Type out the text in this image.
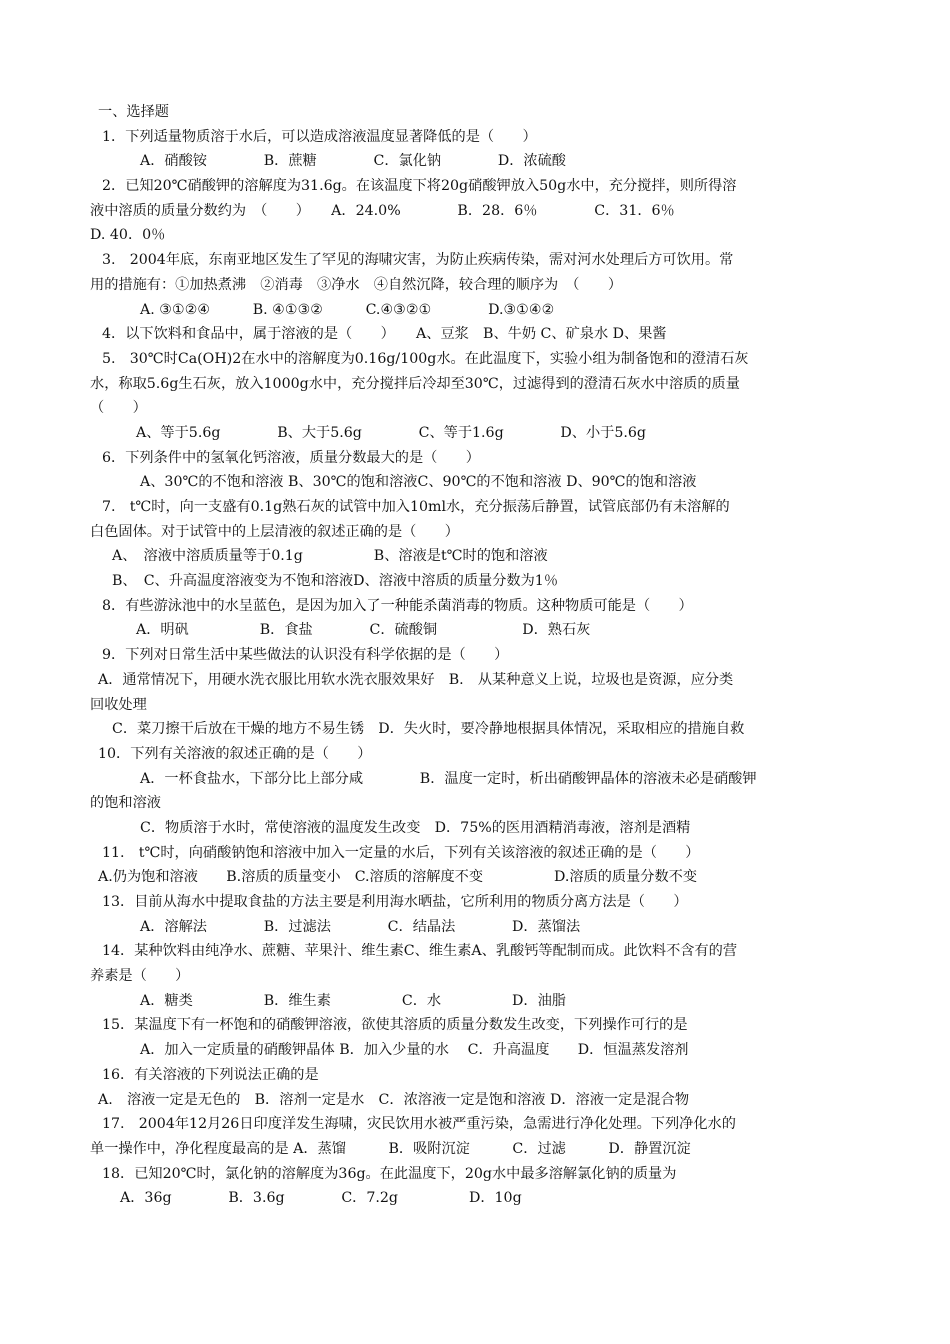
一、选择题
1．下列适量物质溶于水后，可以造成溶液温度显著降低的是（　　）
A．硝酸铵　　　　B．蔗糖　　　　C．氯化钠　　　　D．浓硫酸
2．已知20℃硝酸钾的溶解度为31.6g。在该温度下将20g硝酸钾放入50g水中，充分搅拌，则所得溶
液中溶质的质量分数约为　（　　）　　A．24.0%　　　　B．28．6％　　　　C．31．6％
D. 40．0％
3.　2004年底，东南亚地区发生了罕见的海啸灾害，为防止疾病传染，需对河水处理后方可饮用。常
用的措施有：①加热煮沸　②消毒　③净水　④自然沉降，较合理的顺序为　（　　）
A. ③①②④　　　B. ④①③②　　　C.④③②①　　　　D.③①④②
4．以下饮料和食品中，属于溶液的是（　　）　　A、豆浆　B、牛奶 C、矿泉水 D、果酱
5.　30℃时Ca(OH)2在水中的溶解度为0.16g/100g水。在此温度下，实验小组为制备饱和的澄清石灰
水，称取5.6g生石灰，放入1000g水中，充分搅拌后冷却至30℃，过滤得到的澄清石灰水中溶质的质量
（　　）
A、等于5.6g　　　　B、大于5.6g　　　　C、等于1.6g　　　　D、小于5.6g
6．下列条件中的氢氧化钙溶液，质量分数最大的是（　　）
A、30℃的不饱和溶液 B、30℃的饱和溶液C、90℃的不饱和溶液 D、90℃的饱和溶液
7.　t℃时，向一支盛有0.1g熟石灰的试管中加入10ml水，充分振荡后静置，试管底部仍有未溶解的
白色固体。对于试管中的上层清液的叙述正确的是（　　）
A、　溶液中溶质质量等于0.1g　　　　　B、溶液是t℃时的饱和溶液
B、　C、升高温度溶液变为不饱和溶液D、溶液中溶质的质量分数为1％
8．有些游泳池中的水呈蓝色，是因为加入了一种能杀菌消毒的物质。这种物质可能是（　　）
A．明矾　　　　　B．食盐　　　　C．硫酸铜　　　　　　D．熟石灰
9．下列对日常生活中某些做法的认识没有科学依据的是（　　）
A．通常情况下，用硬水洗衣服比用软水洗衣服效果好　B.　从某种意义上说，垃圾也是资源，应分类
回收处理
C．菜刀擦干后放在干燥的地方不易生锈　D．失火时，要冷静地根据具体情况，采取相应的措施自救
10．下列有关溶液的叙述正确的是（　　）
A．一杯食盐水，下部分比上部分咸　　　　B．温度一定时，析出硝酸钾晶体的溶液未必是硝酸钾
的饱和溶液
C．物质溶于水时，常使溶液的温度发生改变　D．75%的医用酒精消毒液，溶剂是酒精
11.　t℃时，向硝酸钠饱和溶液中加入一定量的水后，下列有关该溶液的叙述正确的是（　　）
A.仍为饱和溶液　　B.溶质的质量变小　C.溶质的溶解度不变　　　　　D.溶质的质量分数不变
13．目前从海水中提取食盐的方法主要是利用海水晒盐，它所利用的物质分离方法是（　　）
A．溶解法　　　　B．过滤法　　　　C．结晶法　　　　D．蒸馏法
14．某种饮料由纯净水、蔗糖、苹果汁、维生素C、维生素A、乳酸钙等配制而成。此饮料不含有的营
养素是（　　）
A．糖类　　　　　B．维生素　　　　　C．水　　　　　D．油脂
15．某温度下有一杯饱和的硝酸钾溶液，欲使其溶质的质量分数发生改变，下列操作可行的是
A．加入一定质量的硝酸钾晶体 B．加入少量的水　 C．升高温度　　D．恒温蒸发溶剂
16．有关溶液的下列说法正确的是
A.　溶液一定是无色的　B．溶剂一定是水　C．浓溶液一定是饱和溶液 D．溶液一定是混合物
17.　2004年12月26日印度洋发生海啸，灾民饮用水被严重污染，急需进行净化处理。下列净化水的
单一操作中，净化程度最高的是 A．蒸馏　　　B．吸附沉淀　　　C．过滤　　　D．静置沉淀
18．已知20℃时，氯化钠的溶解度为36g。在此温度下，20g水中最多溶解氯化钠的质量为
A．36g　　　　B．3.6g　　　　C．7.2g　　　　　D．10g
